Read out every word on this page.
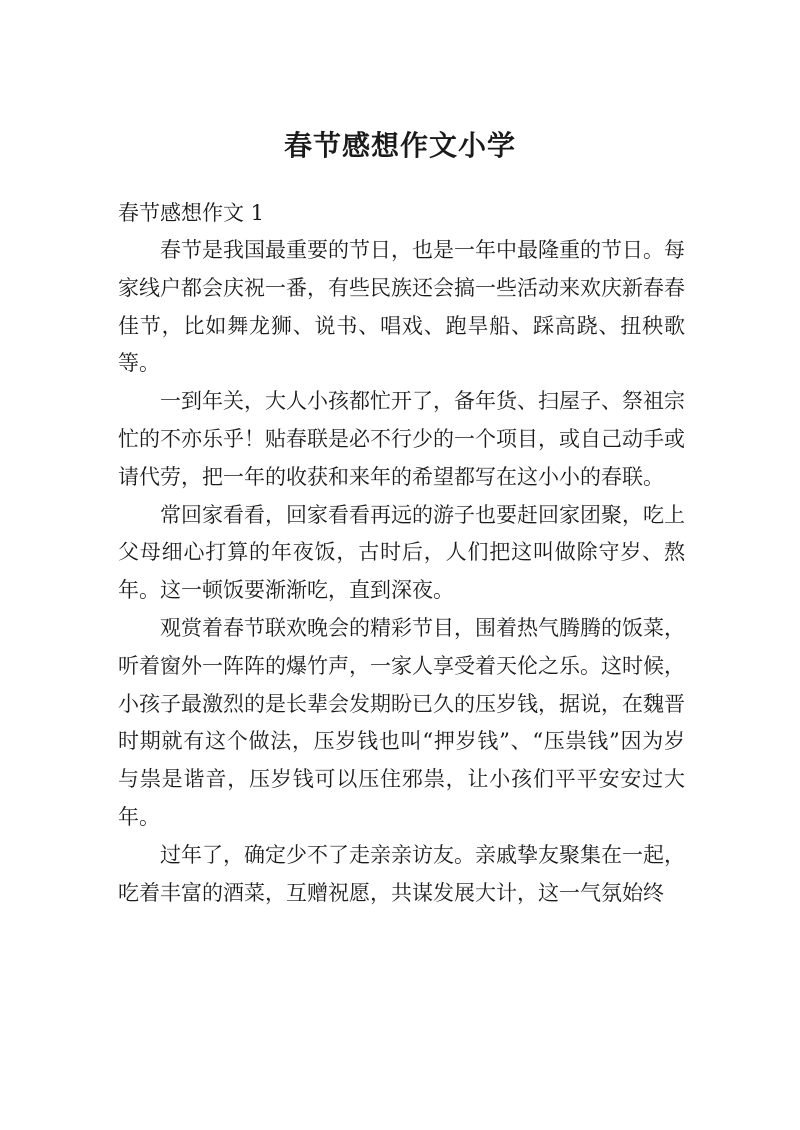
春节感想作文小学
春节感想作文 1

春节是我国最重要的节日，也是一年中最隆重的节日。每家线户都会庆祝一番，有些民族还会搞一些活动来欢庆新春春佳节，比如舞龙狮、说书、唱戏、跑旱船、踩高跷、扭秧歌等。

一到年关，大人小孩都忙开了，备年货、扫屋子、祭祖宗忙的不亦乐乎！贴春联是必不行少的一个项目，或自己动手或请代劳，把一年的收获和来年的希望都写在这小小的春联。

常回家看看，回家看看再远的游子也要赶回家团聚，吃上父母细心打算的年夜饭，古时后，人们把这叫做除守岁、熬年。这一顿饭要渐渐吃，直到深夜。

观赏着春节联欢晚会的精彩节目，围着热气腾腾的饭菜，听着窗外一阵阵的爆竹声，一家人享受着天伦之乐。这时候，小孩子最激烈的是长辈会发期盼已久的压岁钱，据说，在魏晋时期就有这个做法，压岁钱也叫“押岁钱”、“压祟钱”因为岁与祟是谐音，压岁钱可以压住邪祟，让小孩们平平安安过大年。

过年了，确定少不了走亲亲访友。亲戚挚友聚集在一起，吃着丰富的酒菜，互赠祝愿，共谋发展大计，这一气氛始终
